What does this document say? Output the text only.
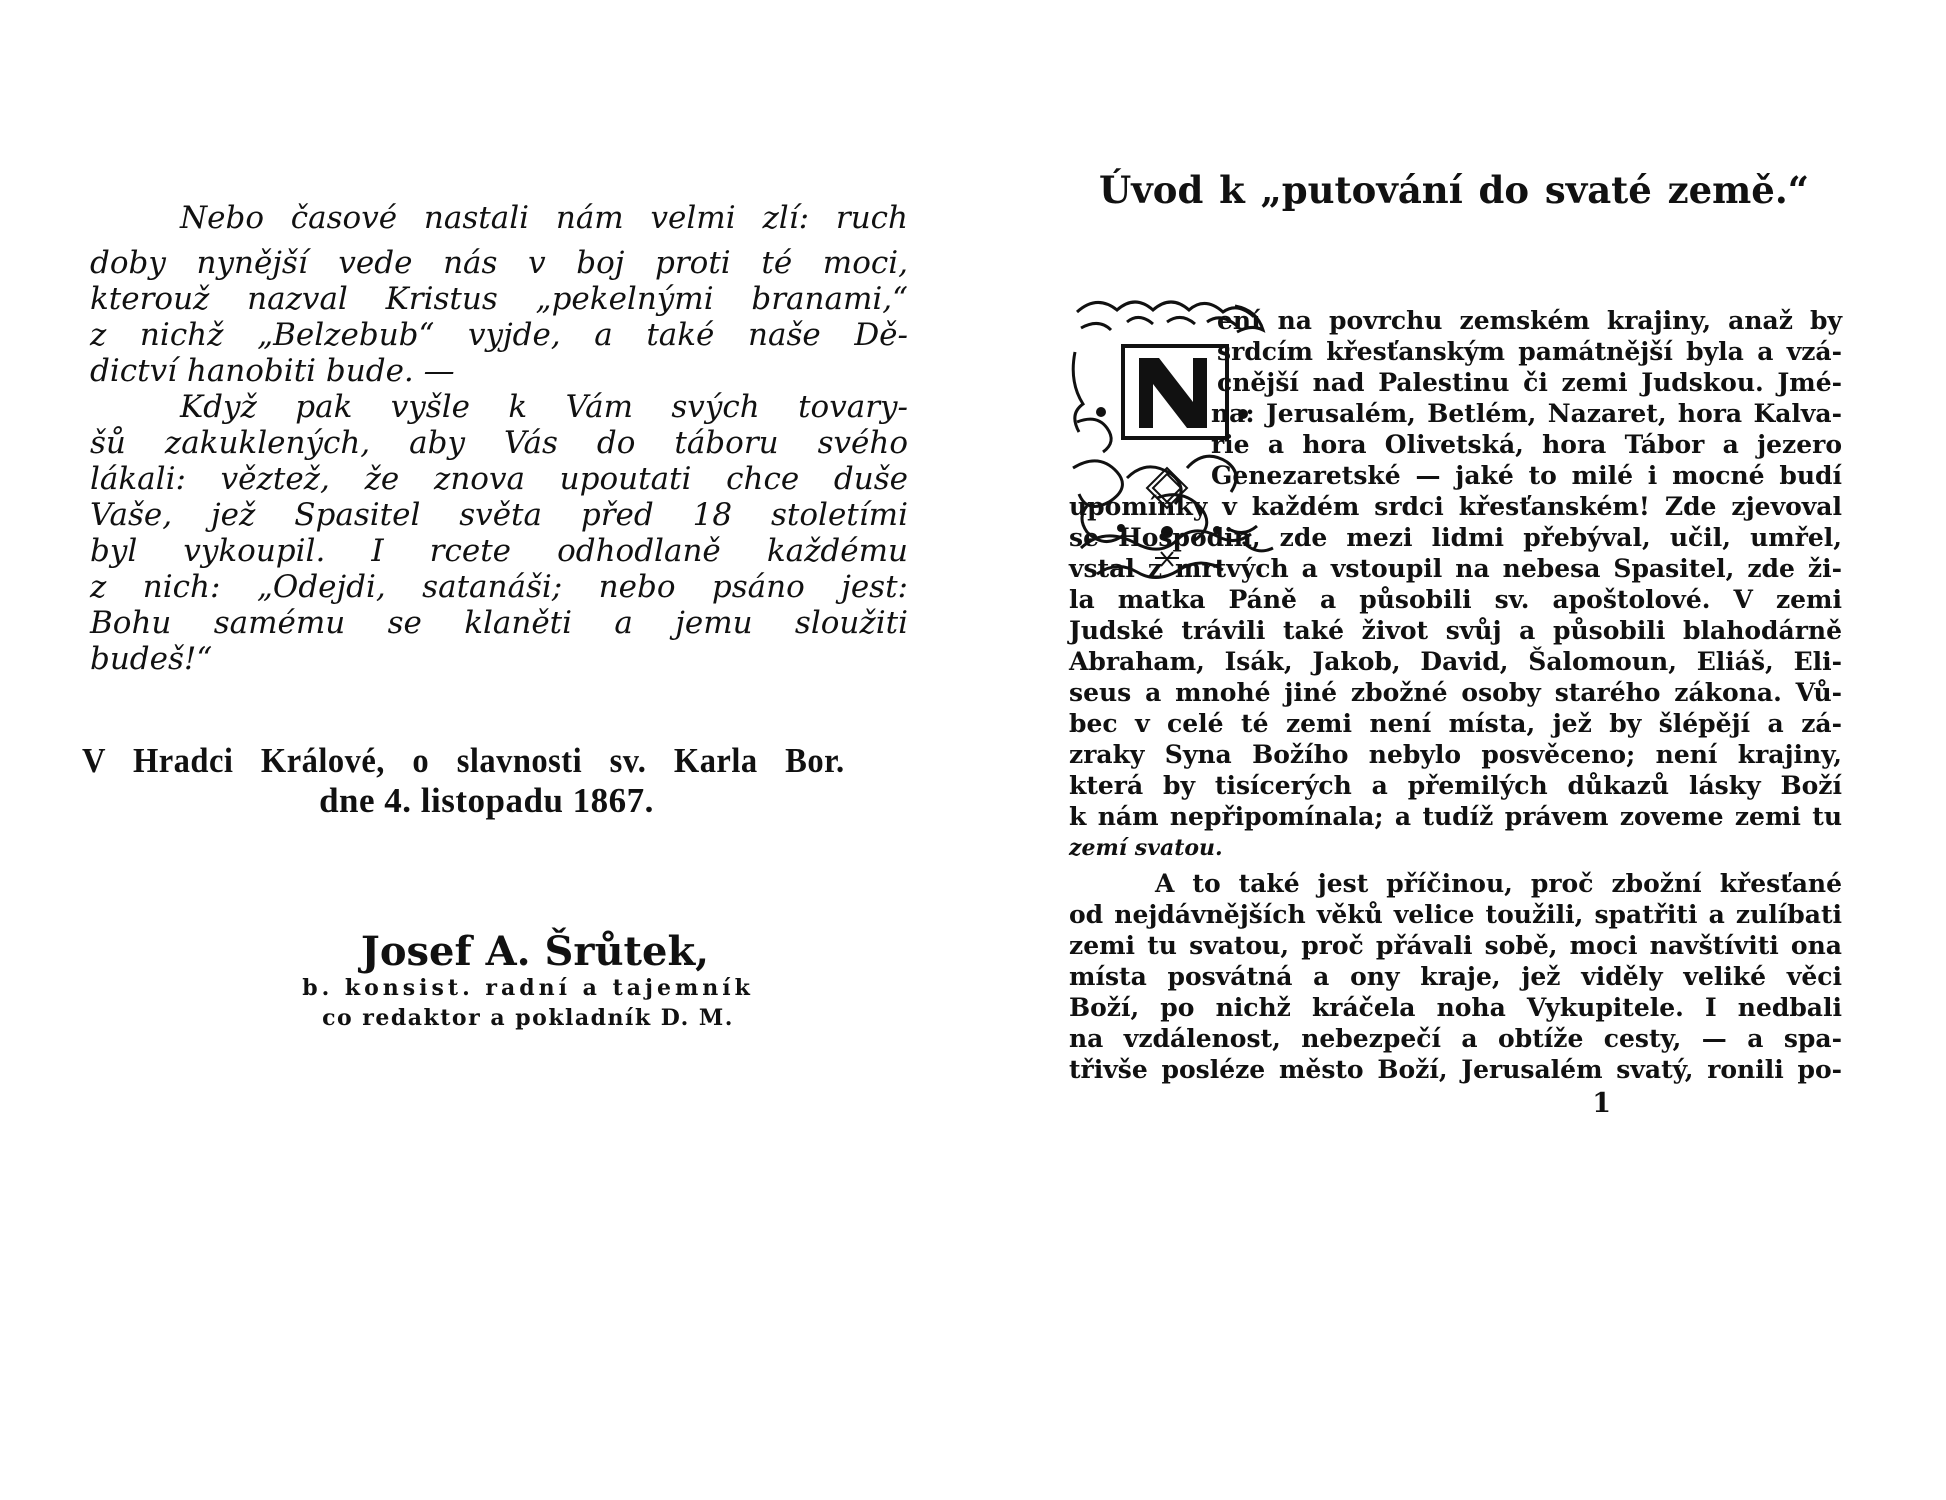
Nebo časové nastali nám velmi zlí: ruch
doby nynější vede nás v boj proti té moci,
kterouž nazval Kristus „pekelnými branami,“
z nichž „Belzebub“ vyjde, a také naše Dě-
dictví hanobiti bude. —
Když pak vyšle k Vám svých tovary-
šů zakuklených, aby Vás do táboru svého
lákali: věztež, že znova upoutati chce duše
Vaše, jež Spasitel světa před 18 stoletími
byl vykoupil. I rcete odhodlaně každému
z nich: „Odejdi, satanáši; nebo psáno jest:
Bohu samému se klaněti a jemu sloužiti
budeš!“
V Hradci Králové, o slavnosti sv. Karla Bor.
dne 4. listopadu 1867.
Josef A. Šrůtek,
b. konsist. radní a tajemník
co redaktor a pokladník D. M.
Úvod k „putování do svaté země.“
ení na povrchu zemském krajiny, anaž by
srdcím křesťanským památnější byla a vzá-
cnější nad Palestinu či zemi Judskou. Jmé-
na: Jerusalém, Betlém, Nazaret, hora Kalva-
rie a hora Olivetská, hora Tábor a jezero
Genezaretské — jaké to milé i mocné budí
upomínky v každém srdci křesťanském! Zde zjevoval
se Hospodin, zde mezi lidmi přebýval, učil, umřel,
vstal z mrtvých a vstoupil na nebesa Spasitel, zde ži-
la matka Páně a působili sv. apoštolové. V zemi
Judské trávili také život svůj a působili blahodárně
Abraham, Isák, Jakob, David, Šalomoun, Eliáš, Eli-
seus a mnohé jiné zbožné osoby starého zákona. Vů-
bec v celé té zemi není místa, jež by šlépějí a zá-
zraky Syna Božího nebylo posvěceno; není krajiny,
která by tisícerých a přemilých důkazů lásky Boží
k nám nepřipomínala; a tudíž právem zoveme zemi tu
zemí svatou.
A to také jest příčinou, proč zbožní křesťané
od nejdávnějších věků velice toužili, spatřiti a zulíbati
zemi tu svatou, proč přávali sobě, moci navštíviti ona
místa posvátná a ony kraje, jež viděly veliké věci
Boží, po nichž kráčela noha Vykupitele. I nedbali
na vzdálenost, nebezpečí a obtíže cesty, — a spa-
třivše posléze město Boží, Jerusalém svatý, ronili po-
1
